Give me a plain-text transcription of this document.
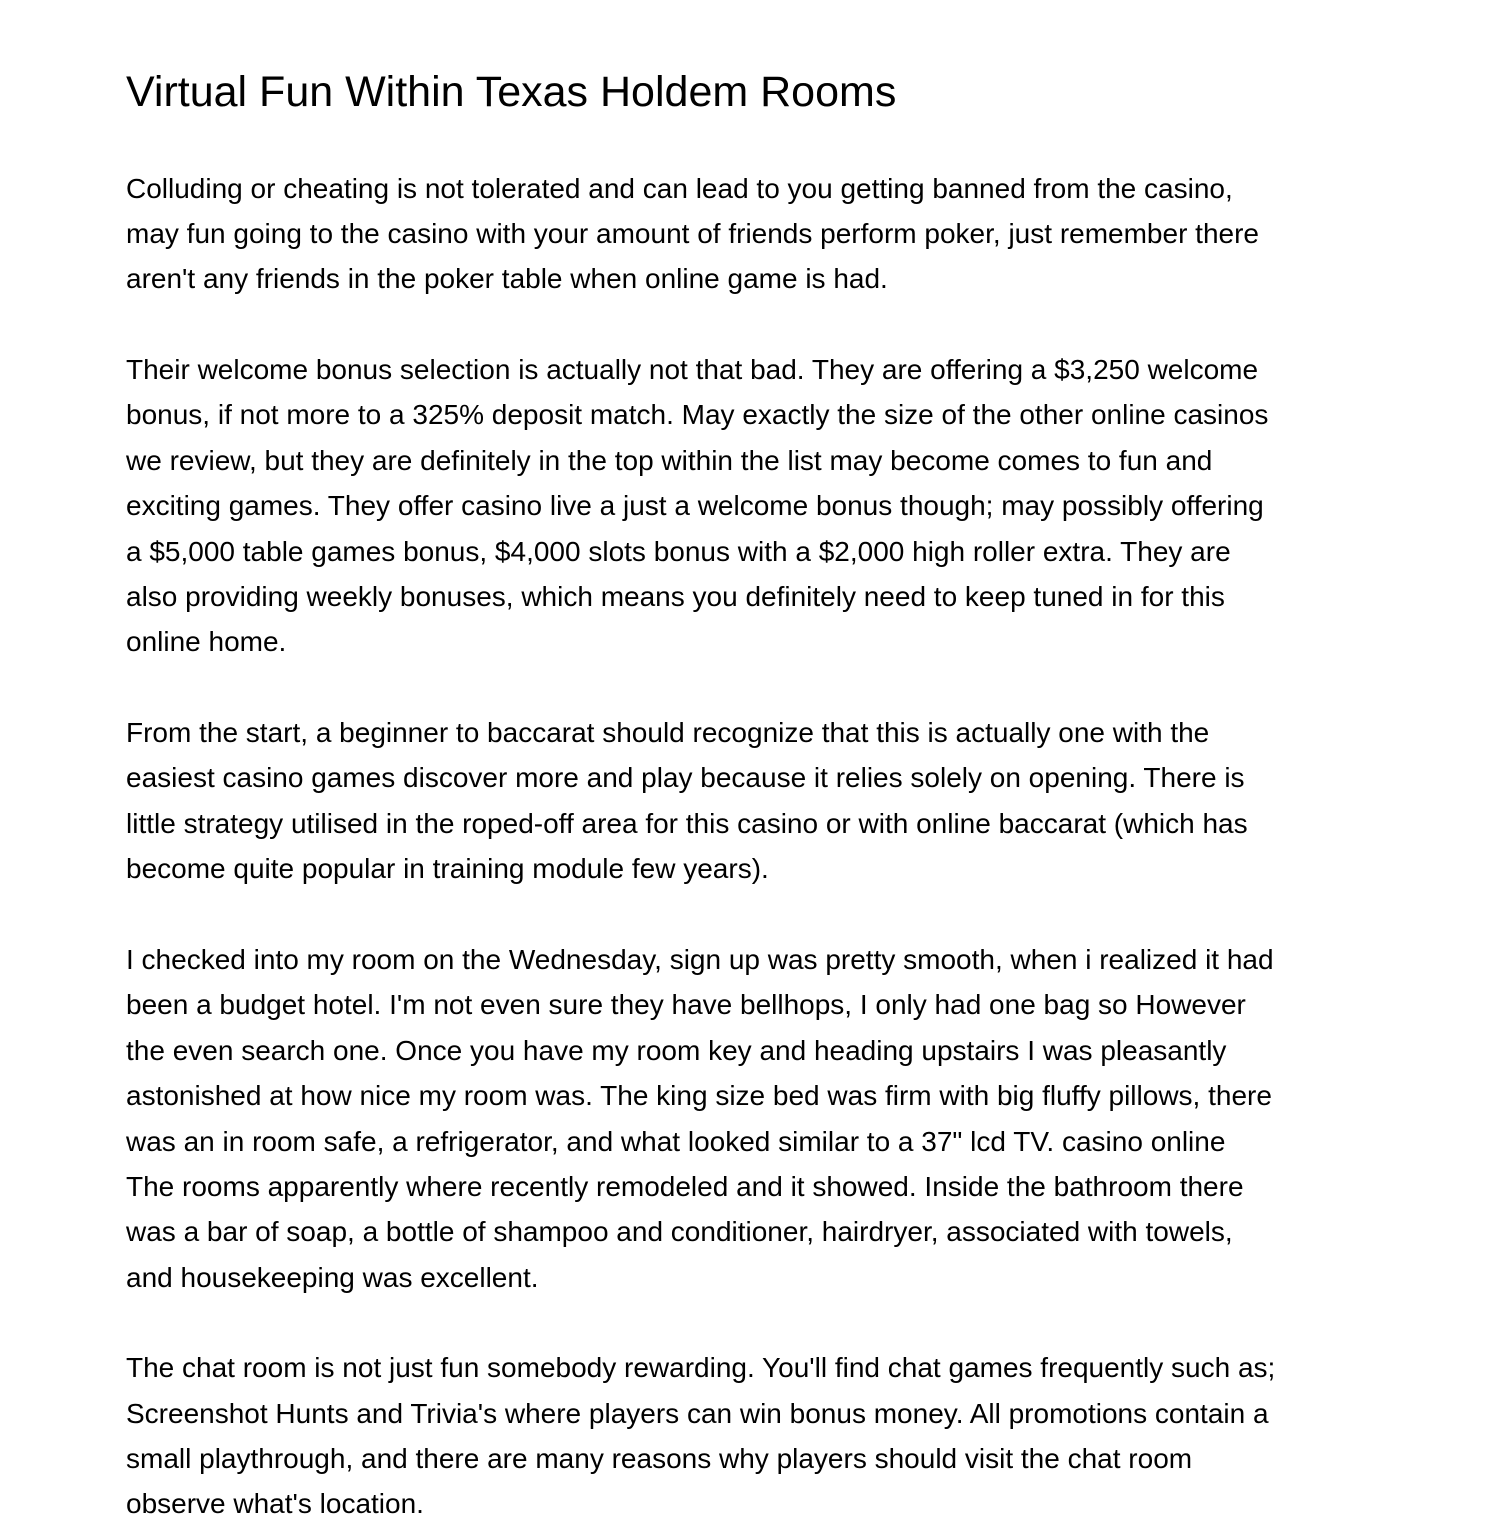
Virtual Fun Within Texas Holdem Rooms

Colluding or cheating is not tolerated and can lead to you getting banned from the casino,

may fun going to the casino with your amount of friends perform poker, just remember there

aren't any friends in the poker table when online game is had.

Their welcome bonus selection is actually not that bad. They are offering a $3,250 welcome

bonus, if not more to a 325% deposit match. May exactly the size of the other online casinos

we review, but they are definitely in the top within the list may become comes to fun and

exciting games. They offer casino live a just a welcome bonus though; may possibly offering

a $5,000 table games bonus, $4,000 slots bonus with a $2,000 high roller extra. They are

also providing weekly bonuses, which means you definitely need to keep tuned in for this

online home.

From the start, a beginner to baccarat should recognize that this is actually one with the

easiest casino games discover more and play because it relies solely on opening. There is

little strategy utilised in the roped-off area for this casino or with online baccarat (which has

become quite popular in training module few years).

I checked into my room on the Wednesday, sign up was pretty smooth, when i realized it had

been a budget hotel. I'm not even sure they have bellhops, I only had one bag so However

the even search one. Once you have my room key and heading upstairs I was pleasantly

astonished at how nice my room was. The king size bed was firm with big fluffy pillows, there

was an in room safe, a refrigerator, and what looked similar to a 37" lcd TV. casino online

The rooms apparently where recently remodeled and it showed. Inside the bathroom there

was a bar of soap, a bottle of shampoo and conditioner, hairdryer, associated with towels,

and housekeeping was excellent.

The chat room is not just fun somebody rewarding. You'll find chat games frequently such as;

Screenshot Hunts and Trivia's where players can win bonus money. All promotions contain a

small playthrough, and there are many reasons why players should visit the chat room

observe what's location.
